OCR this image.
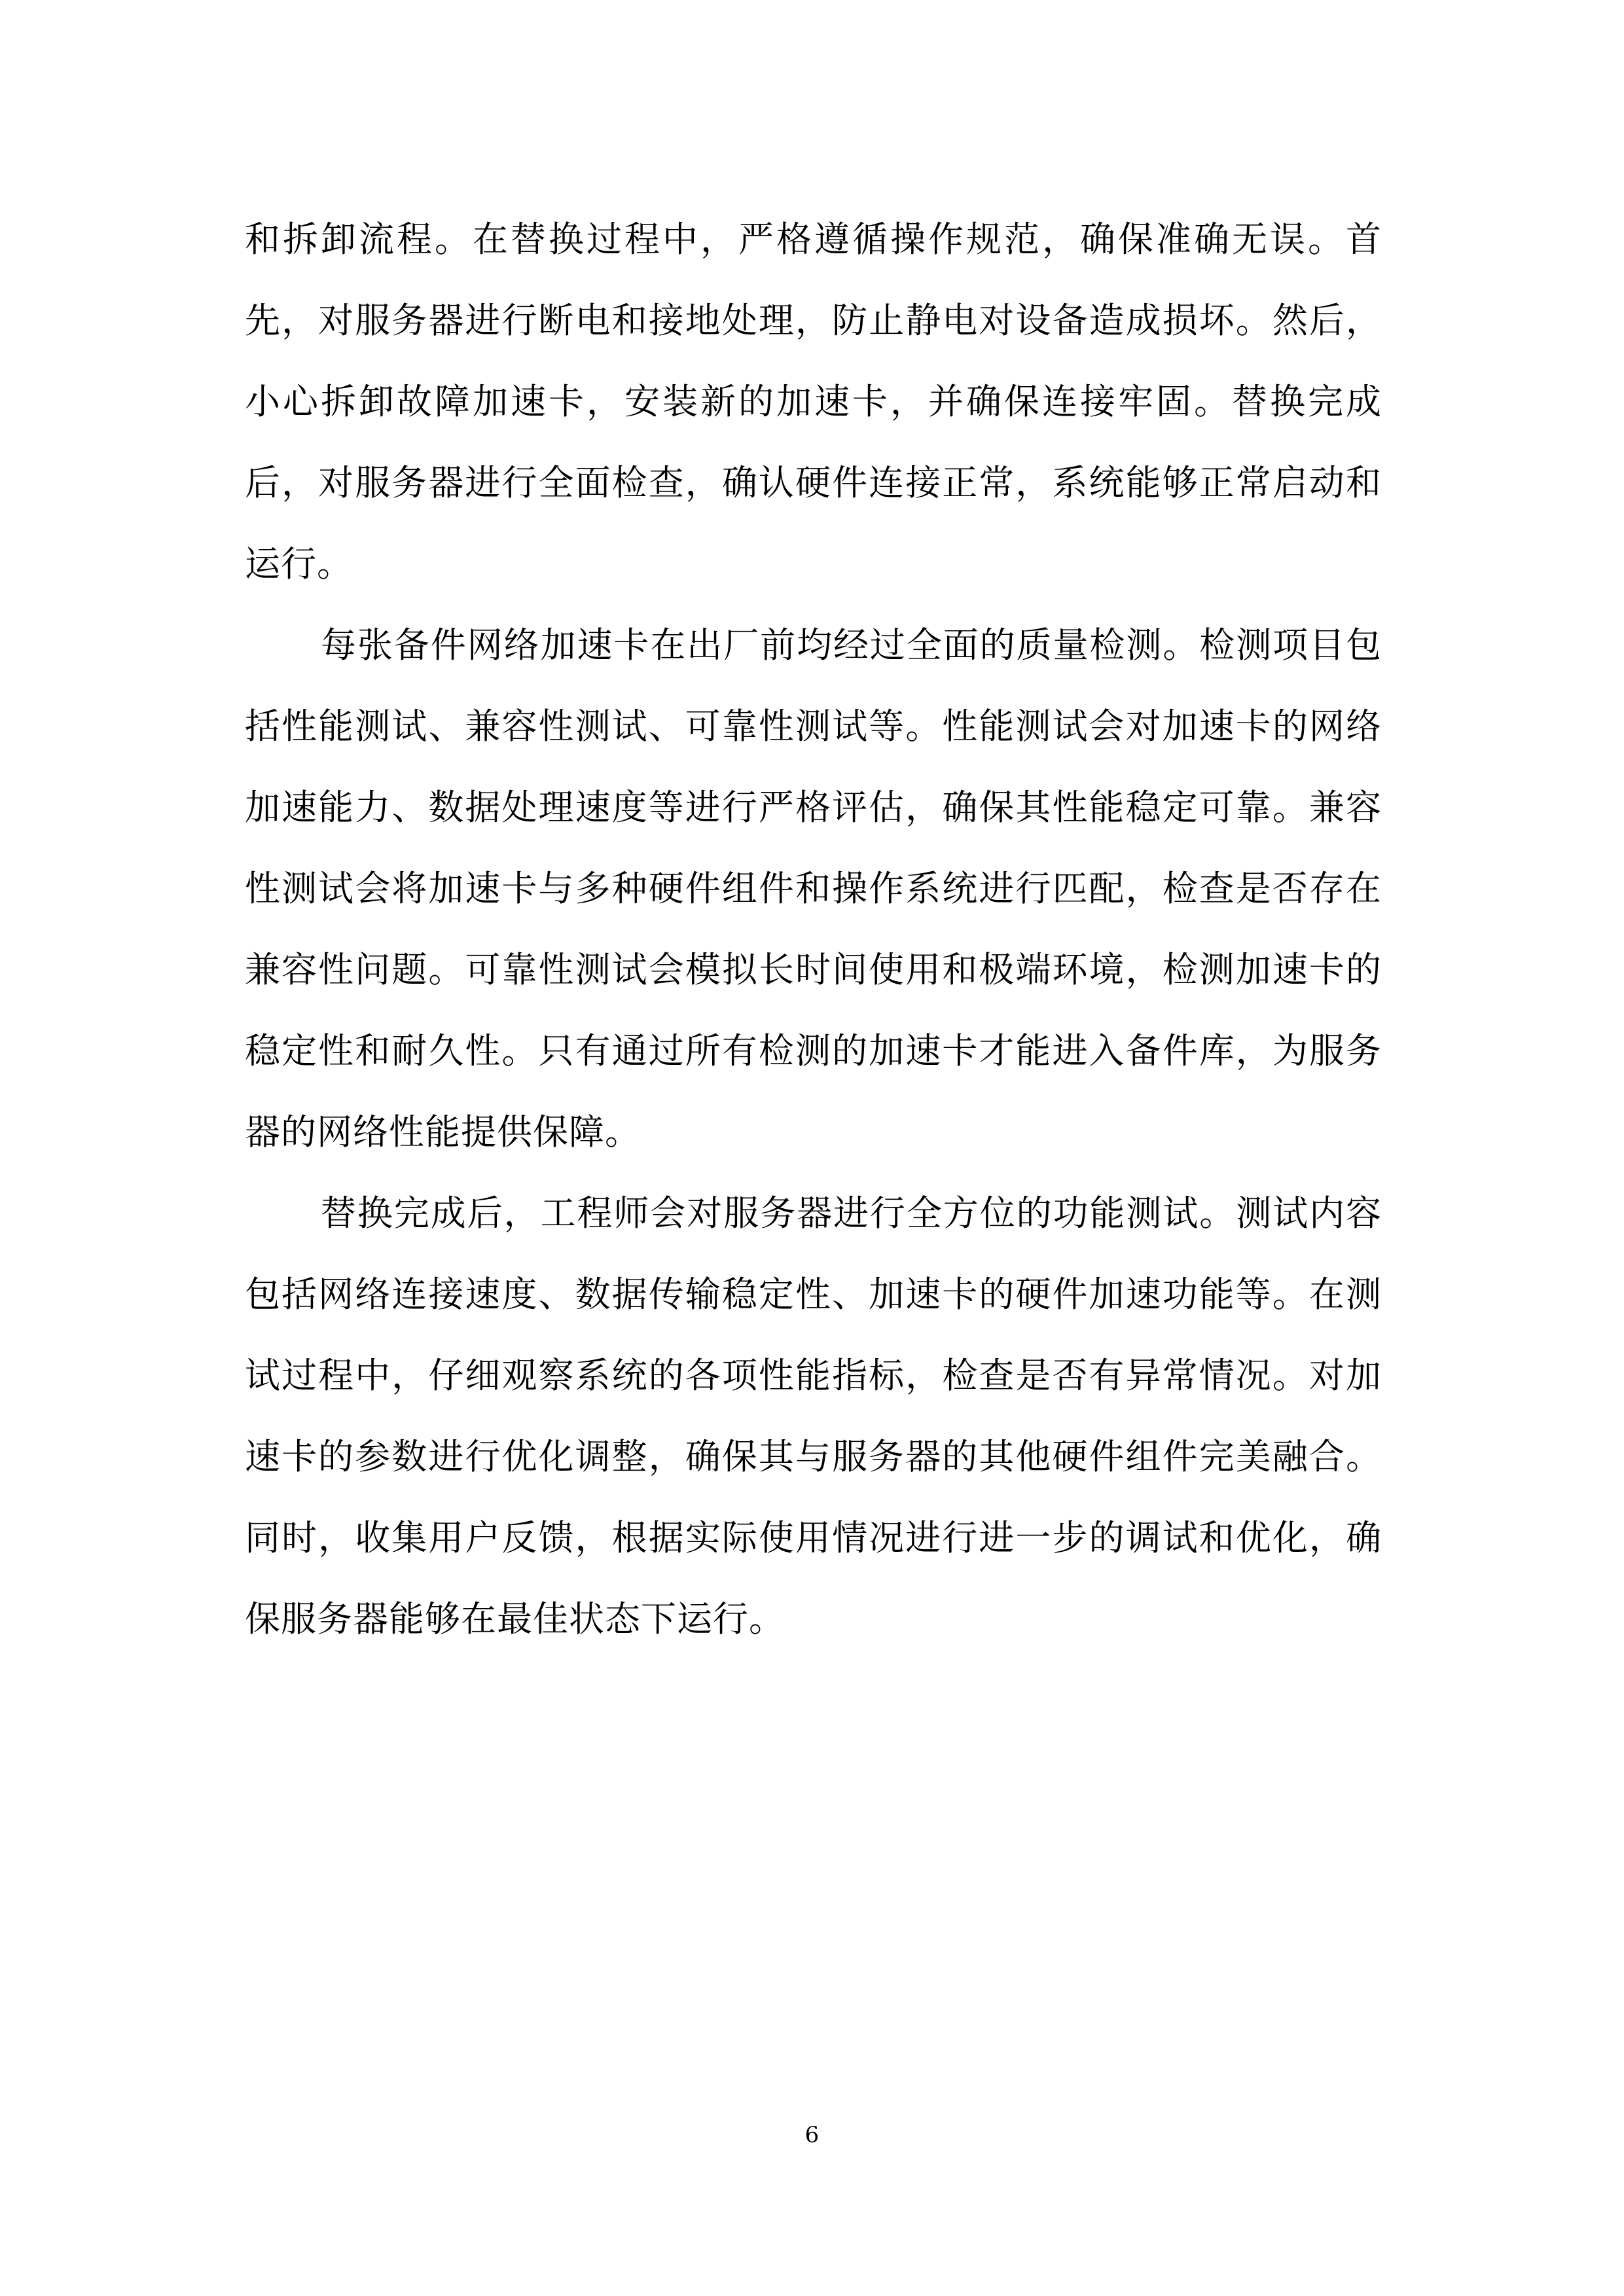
和拆卸流程。在替换过程中，严格遵循操作规范，确保准确无误。首先，对服务器进行断电和接地处理，防止静电对设备造成损坏。然后，小心拆卸故障加速卡，安装新的加速卡，并确保连接牢固。替换完成后，对服务器进行全面检查，确认硬件连接正常，系统能够正常启动和运行。

每张备件网络加速卡在出厂前均经过全面的质量检测。检测项目包括性能测试、兼容性测试、可靠性测试等。性能测试会对加速卡的网络加速能力、数据处理速度等进行严格评估，确保其性能稳定可靠。兼容性测试会将加速卡与多种硬件组件和操作系统进行匹配，检查是否存在兼容性问题。可靠性测试会模拟长时间使用和极端环境，检测加速卡的稳定性和耐久性。只有通过所有检测的加速卡才能进入备件库，为服务器的网络性能提供保障。

替换完成后，工程师会对服务器进行全方位的功能测试。测试内容包括网络连接速度、数据传输稳定性、加速卡的硬件加速功能等。在测试过程中，仔细观察系统的各项性能指标，检查是否有异常情况。对加速卡的参数进行优化调整，确保其与服务器的其他硬件组件完美融合。同时，收集用户反馈，根据实际使用情况进行进一步的调试和优化，确保服务器能够在最佳状态下运行。

6
